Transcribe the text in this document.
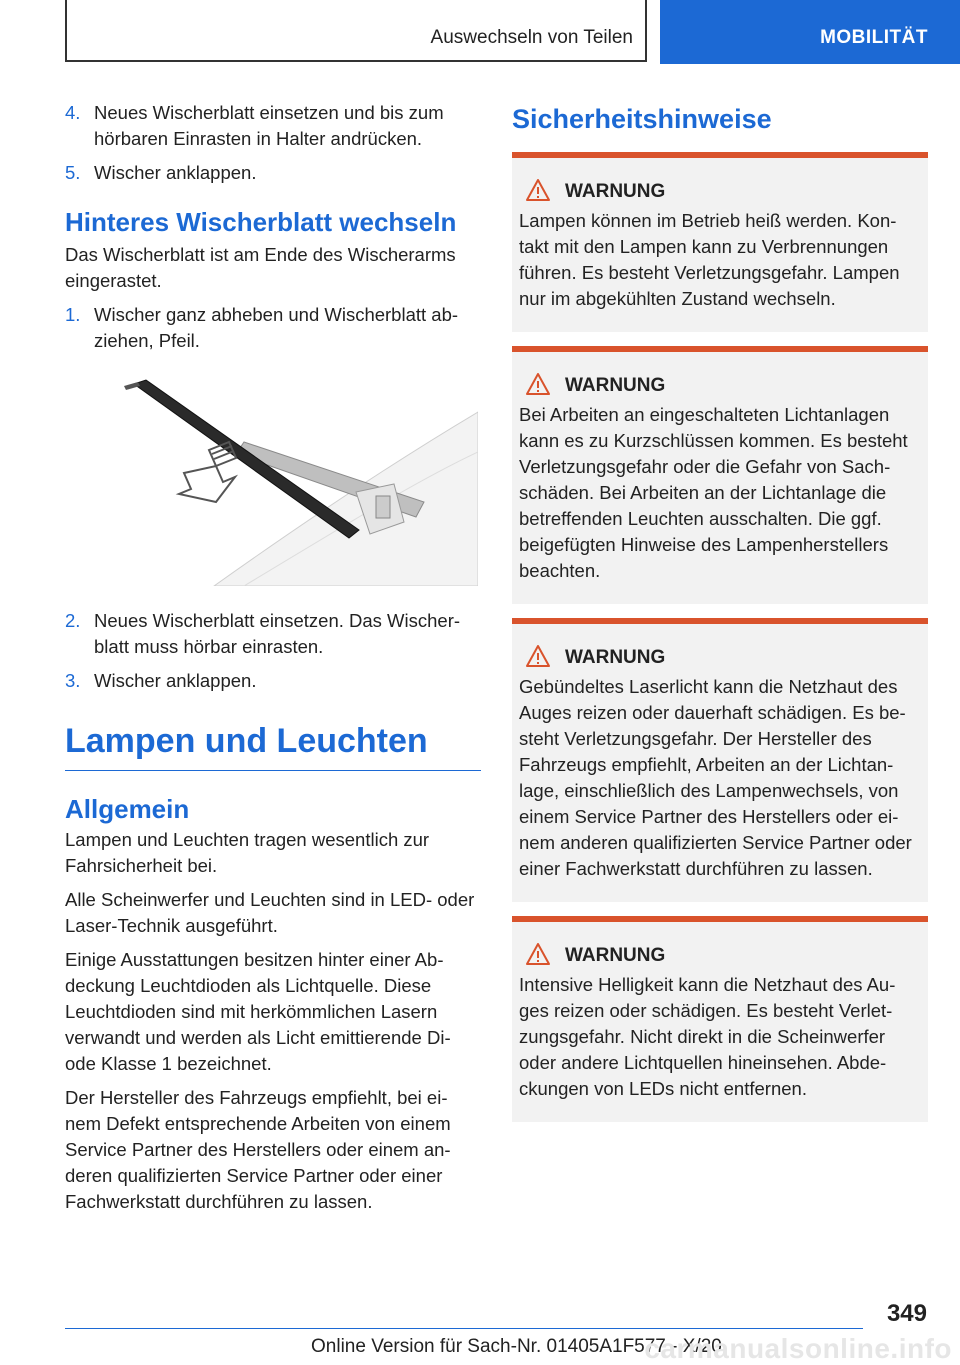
Auswechseln von Teilen	MOBILITÄT
4. Neues Wischerblatt einsetzen und bis zum hörbaren Einrasten in Halter andrücken.
5. Wischer anklappen.
Hinteres Wischerblatt wechseln

Das Wischerblatt ist am Ende des Wischerarms eingerastet.

1. Wischer ganz abheben und Wischerblatt ab‐ziehen, Pfeil.
2. Neues Wischerblatt einsetzen. Das Wischer‐blatt muss hörbar einrasten.
3. Wischer anklappen.
Lampen und Leuchten
Allgemein

Lampen und Leuchten tragen wesentlich zur Fahrsicherheit bei.

Alle Scheinwerfer und Leuchten sind in LED- oder Laser-Technik ausgeführt.

Einige Ausstattungen besitzen hinter einer Ab‐deckung Leuchtdioden als Lichtquelle. Diese Leuchtdioden sind mit herkömmlichen Lasern verwandt und werden als Licht emittierende Di‐ode Klasse 1 bezeichnet.

Der Hersteller des Fahrzeugs empfiehlt, bei ei‐nem Defekt entsprechende Arbeiten von einem Service Partner des Herstellers oder einem an‐deren qualifizierten Service Partner oder einer Fachwerkstatt durchführen zu lassen.

Sicherheitshinweise
WARNUNG
Lampen können im Betrieb heiß werden. Kon‐takt mit den Lampen kann zu Verbrennungen führen. Es besteht Verletzungsgefahr. Lampen nur im abgekühlten Zustand wechseln.
WARNUNG
Bei Arbeiten an eingeschalteten Lichtanlagen kann es zu Kurzschlüssen kommen. Es besteht Verletzungsgefahr oder die Gefahr von Sach‐schäden. Bei Arbeiten an der Lichtanlage die betreffenden Leuchten ausschalten. Die ggf. beigefügten Hinweise des Lampenherstellers beachten.
WARNUNG
Gebündeltes Laserlicht kann die Netzhaut des Auges reizen oder dauerhaft schädigen. Es be‐steht Verletzungsgefahr. Der Hersteller des Fahrzeugs empfiehlt, Arbeiten an der Lichtan‐lage, einschließlich des Lampenwechsels, von einem Service Partner des Herstellers oder ei‐nem anderen qualifizierten Service Partner oder einer Fachwerkstatt durchführen zu lassen.
WARNUNG
Intensive Helligkeit kann die Netzhaut des Au‐ges reizen oder schädigen. Es besteht Verlet‐zungsgefahr. Nicht direkt in die Scheinwerfer oder andere Lichtquellen hineinsehen. Abde‐ckungen von LEDs nicht entfernen.
349
Online Version für Sach-Nr. 01405A1F577 - X/20
carmanualsonline.info
